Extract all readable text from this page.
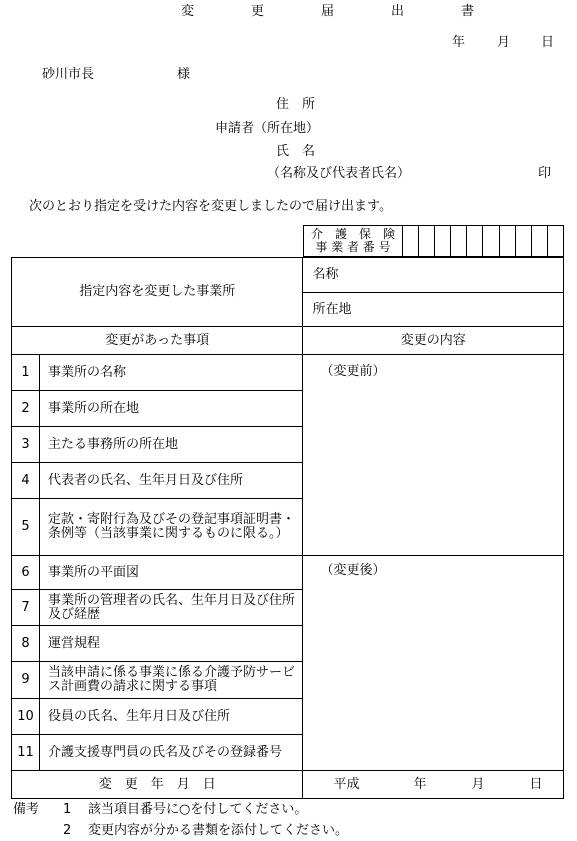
変　更　届　出　書
年 月 日
砂川市長	様
住　所
申請者（所在地）
氏　名
（名称及び代表者氏名）	印
次のとおり指定を受けた内容を変更しましたので届け出ます。
介　護　保　険
事 業 者 番 号

指定内容を変更した事業所		名称
		所在地
変更があった事項		変更の内容
1	事業所の名称	（変更前）
2	事業所の所在地	
3	主たる事務所の所在地	
4	代表者の氏名、生年月日及び住所	
5	定款・寄附行為及びその登記事項証明書・条例等（当該事業に関するものに限る。）	
6	事業所の平面図	（変更後）
7	事業所の管理者の氏名、生年月日及び住所及び経歴	
8	運営規程	
9	当該申請に係る事業に係る介護予防サービス計画費の請求に関する事項	
10	役員の氏名、生年月日及び住所	
11	介護支援専門員の氏名及びその登録番号	
変　更　年　月　日		平成 年 月 日
備考 1 該当項目番号に○を付してください。
2 変更内容が分かる書類を添付してください。
